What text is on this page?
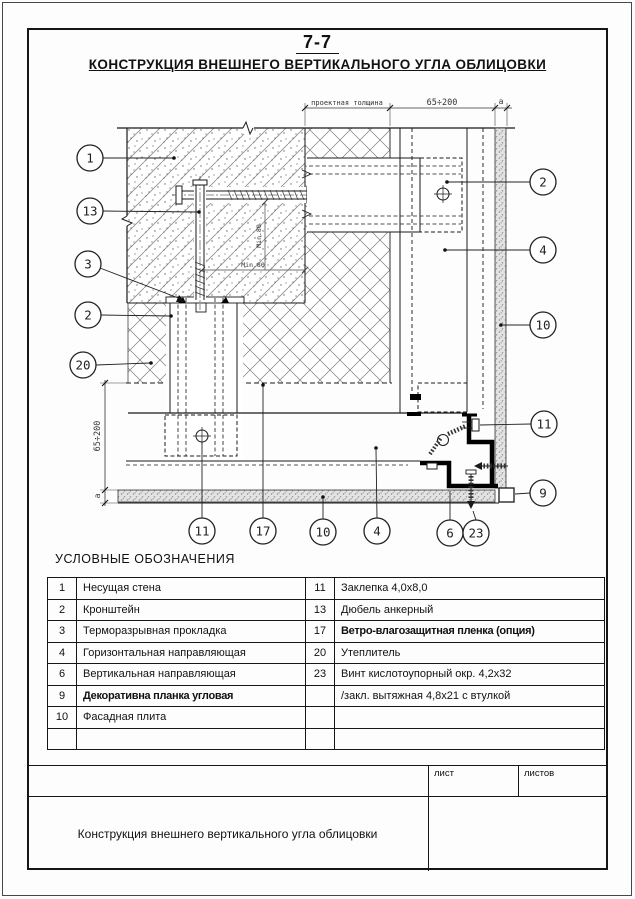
7-7
КОНСТРУКЦИЯ ВНЕШНЕГО ВЕРТИКАЛЬНОГО УГЛА ОБЛИЦОВКИ
Min.80
Min.80
проектная толщина	65÷200	а
65÷200
а
1
13
3
2
20
2
4
10
11
9
11	17	10	4	6 23
УСЛОВНЫЕ ОБОЗНАЧЕНИЯ
1	Несущая стена	11	Заклепка 4,0x8,0
2	Кронштейн	13	Дюбель анкерный
3	Терморазрывная прокладка	17	Ветро-влагозащитная пленка (опция)
4	Горизонтальная направляющая	20	Утеплитель
6	Вертикальная направляющая	23	Винт кислотоупорный окр. 4,2x32
9	Декоративна планка угловая		/закл. вытяжная 4,8x21 с втулкой
10	Фасадная плита		

лист	листов
Конструкция внешнего вертикального угла облицовки
